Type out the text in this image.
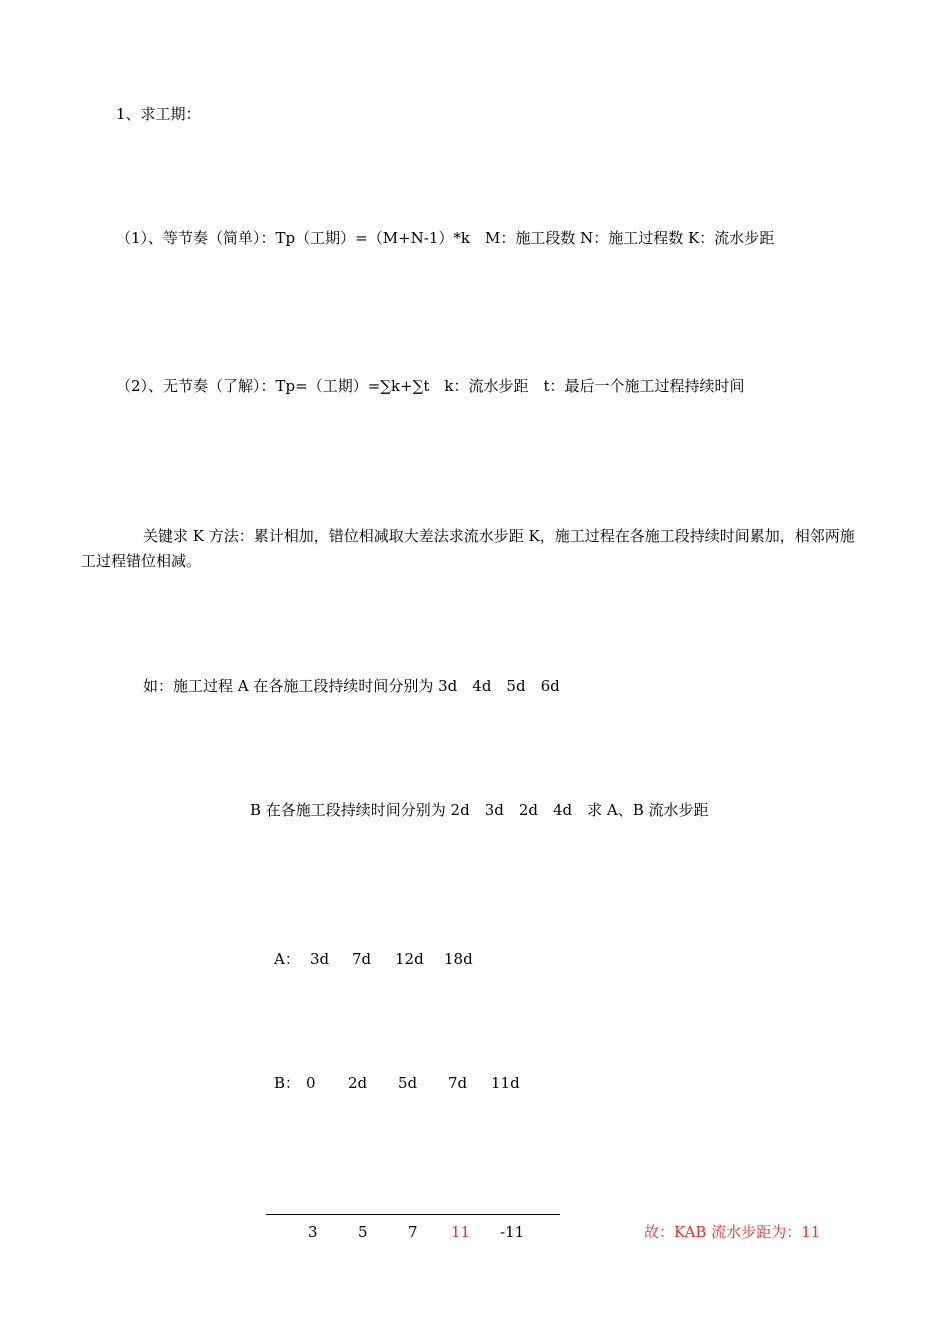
1、求工期：
（1）、等节奏（简单）：Tp（工期）=（M+N-1）*k　M：施工段数 N：施工过程数 K：流水步距
（2）、无节奏（了解）：Tp=（工期）=∑k+∑t　k：流水步距　t：最后一个施工过程持续时间
关键求 K 方法：累计相加，错位相减取大差法求流水步距 K，施工过程在各施工段持续时间累加，相邻两施
工过程错位相减。
如：施工过程 A 在各施工段持续时间分别为 3d　4d　5d　6d
B 在各施工段持续时间分别为 2d　3d　2d　4d　求 A、B 流水步距
A： 3d 7d 12d 18d
B： 0 2d 5d 7d 11d
3	5	7 11 -11	故：KAB 流水步距为：11
